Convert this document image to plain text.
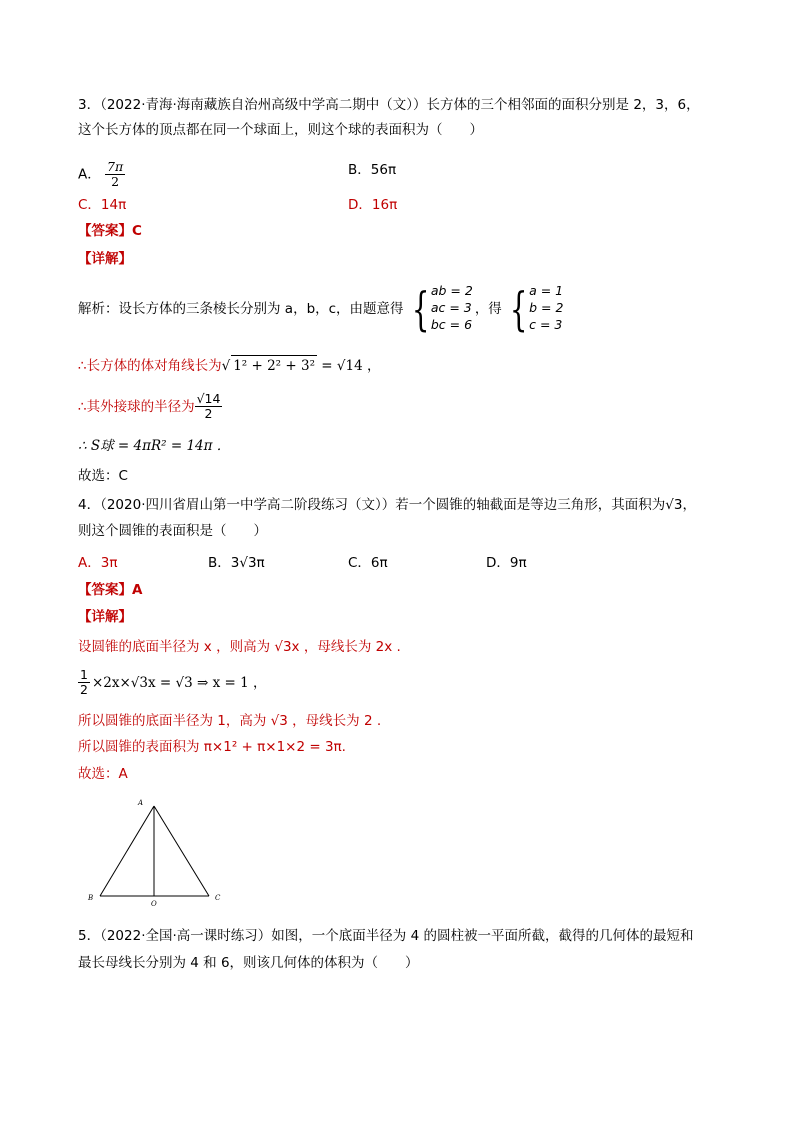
3．（2022·青海·海南藏族自治州高级中学高二期中（文））长方体的三个相邻面的面积分别是 2，3，6，
这个长方体的顶点都在同一个球面上，则这个球的表面积为（　　）
A． $\frac{7\pi}{2}$	B．56π
C．14π	D．16π
【答案】C
【详解】
解析：设长方体的三条棱长分别为 a，b，c，由题意得 { ab = 2
ac = 3
bc = 6
，得 { a = 1
b = 2
c = 3
∴长方体的体对角线长为√ 1² + 2² + 3² = √14 ，
∴其外接球的半径为 $\frac{√14}{2}$
∴ S球 = 4πR² = 14π ．
故选：C
4．（2020·四川省眉山第一中学高二阶段练习（文））若一个圆锥的轴截面是等边三角形，其面积为√3，
则这个圆锥的表面积是（　　）
A．3π	B．3√3π	C．6π	D．9π
【答案】A
【详解】
设圆锥的底面半径为 x ，则高为 √3x ，母线长为 2x .
$\frac{1}{2} \times 2x\times√3x = √3$ ⇒ x = 1 ，
所以圆锥的底面半径为 1，高为 √3 ，母线长为 2 .
所以圆锥的表面积为 π×1² + π×1×2 = 3π.
故选：A
A
B	C
O
5．（2022·全国·高一课时练习）如图，一个底面半径为 4 的圆柱被一平面所截，截得的几何体的最短和
最长母线长分别为 4 和 6，则该几何体的体积为（　　）
